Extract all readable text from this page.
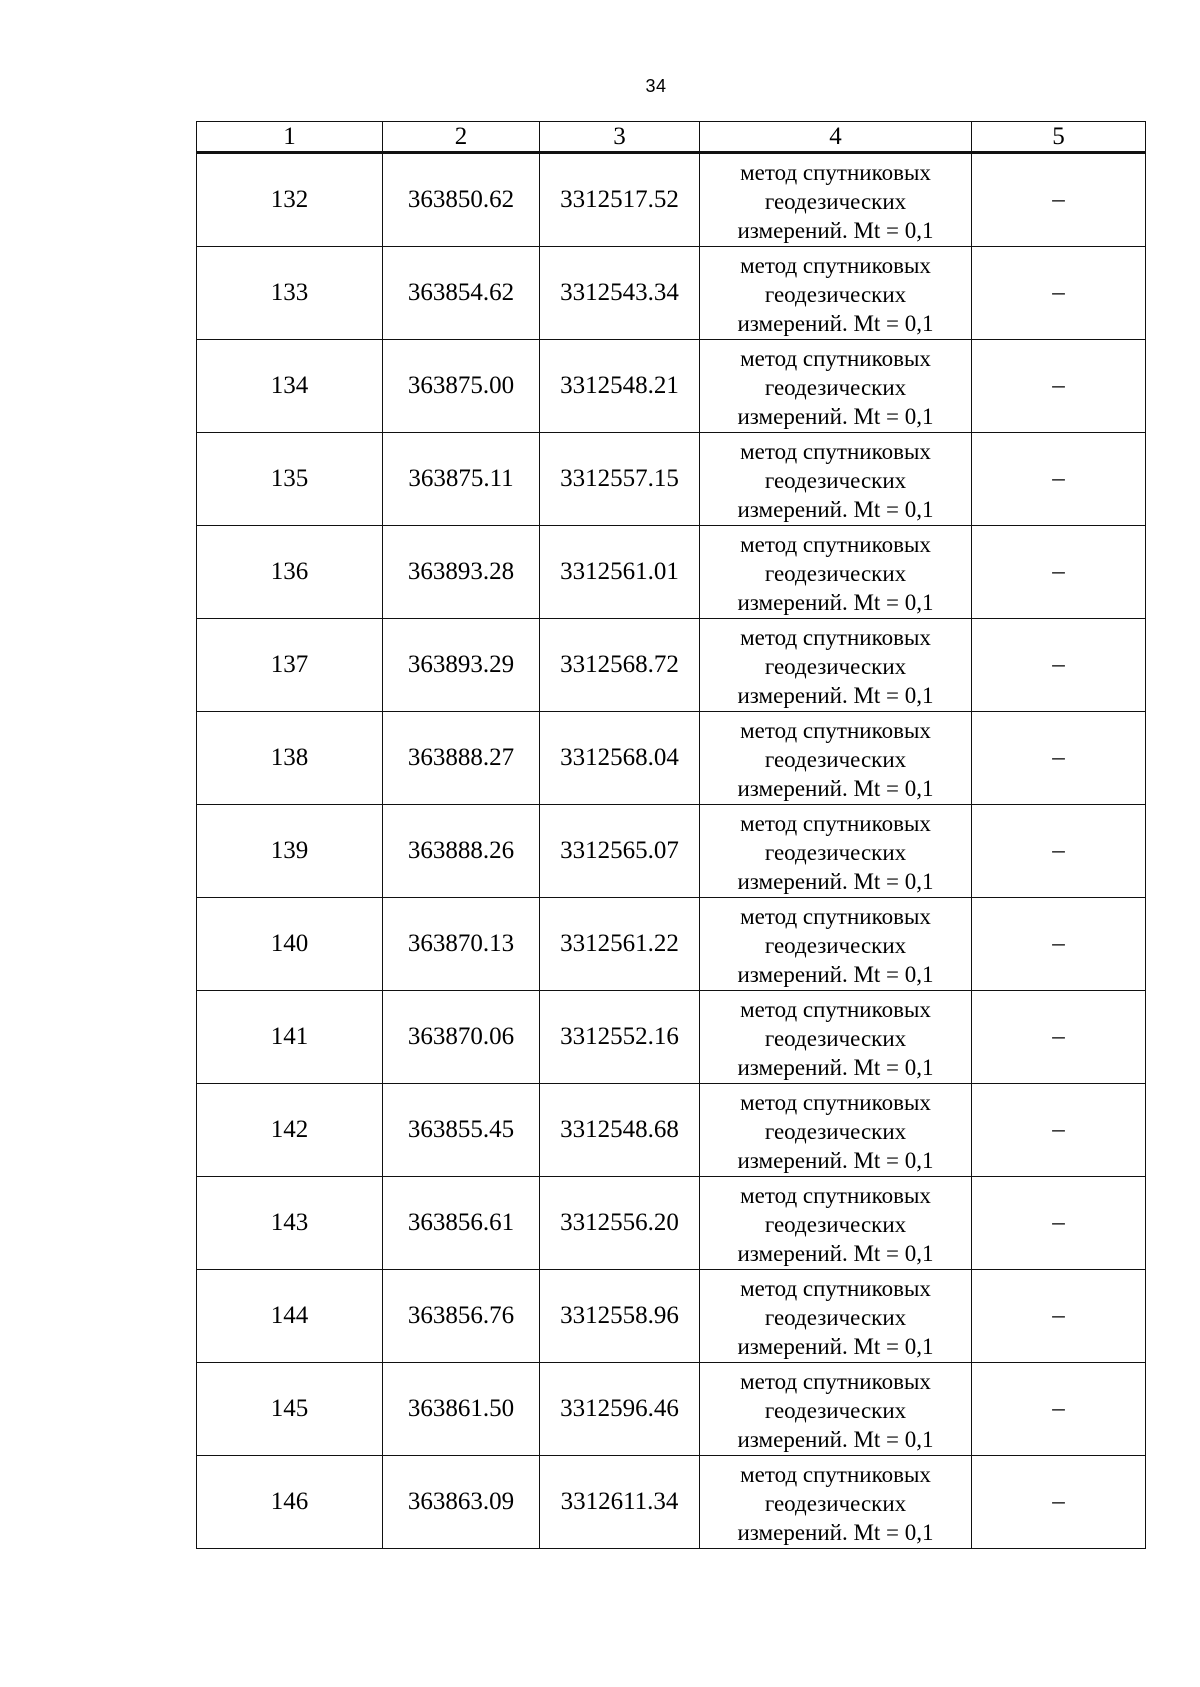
34
1	2	3	4	5
132	363850.62	3312517.52	метод спутниковых
геодезических
измерений. Mt = 0,1	–
133	363854.62	3312543.34	метод спутниковых
геодезических
измерений. Mt = 0,1	–
134	363875.00	3312548.21	метод спутниковых
геодезических
измерений. Mt = 0,1	–
135	363875.11	3312557.15	метод спутниковых
геодезических
измерений. Mt = 0,1	–
136	363893.28	3312561.01	метод спутниковых
геодезических
измерений. Mt = 0,1	–
137	363893.29	3312568.72	метод спутниковых
геодезических
измерений. Mt = 0,1	–
138	363888.27	3312568.04	метод спутниковых
геодезических
измерений. Mt = 0,1	–
139	363888.26	3312565.07	метод спутниковых
геодезических
измерений. Mt = 0,1	–
140	363870.13	3312561.22	метод спутниковых
геодезических
измерений. Mt = 0,1	–
141	363870.06	3312552.16	метод спутниковых
геодезических
измерений. Mt = 0,1	–
142	363855.45	3312548.68	метод спутниковых
геодезических
измерений. Mt = 0,1	–
143	363856.61	3312556.20	метод спутниковых
геодезических
измерений. Mt = 0,1	–
144	363856.76	3312558.96	метод спутниковых
геодезических
измерений. Mt = 0,1	–
145	363861.50	3312596.46	метод спутниковых
геодезических
измерений. Mt = 0,1	–
146	363863.09	3312611.34	метод спутниковых
геодезических
измерений. Mt = 0,1	–
